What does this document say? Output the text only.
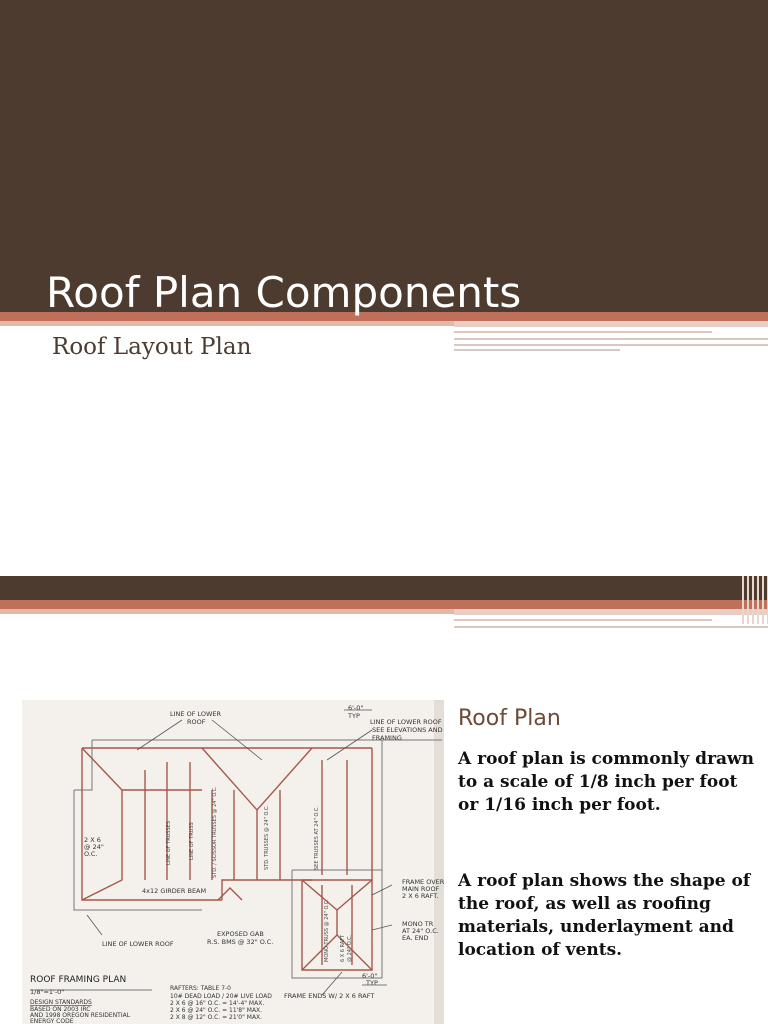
Roof Plan Components
Roof Layout Plan
LINE OF LOWER
ROOF	LINE OF LOWER ROOF
SEE ELEVATIONS AND
FRAMING
6'-0"
TYP
LINE OF LOWER ROOF
EXPOSED GAB
R.S. BMS @ 32" O.C.
FRAME OVER
MAIN ROOF
2 X 6 RAFT.
MONO TR
AT 24" O.C.
EA. END
6'-0"
TYP
FRAME ENDS W/ 2 X 6 RAFT
2 X 6
@ 24"
O.C.
4x12 GIRDER BEAM
LINE OF TRUSSES	LINE OF TRUSS	STD. / SCISSOR TRUSSES @ 24" O.C.	STD. TRUSSES @ 24" O.C.	SEE TRUSSES AT 24" O.C.
MONO TRUSS @ 24" O.C. 6 X 6 RAFT @ 24" O.C.
ROOF FRAMING PLAN
1/8"=1'-0"
DESIGN STANDARDS
BASED ON 2003 IRC
AND 1998 OREGON RESIDENTIAL
ENERGY CODE
RAFTERS: TABLE 7-0
10# DEAD LOAD / 20# LIVE LOAD
2 X 6 @ 16" O.C. = 14'-4" MAX.
2 X 6 @ 24" O.C. = 11'8" MAX.
2 X 8 @ 12" O.C. = 21'0" MAX.
Roof Plan

A roof plan is commonly drawn to a scale of 1/8 inch per foot or 1/16 inch per foot.

A roof plan shows the shape of the roof, as well as roofing materials, underlayment and location of vents.
